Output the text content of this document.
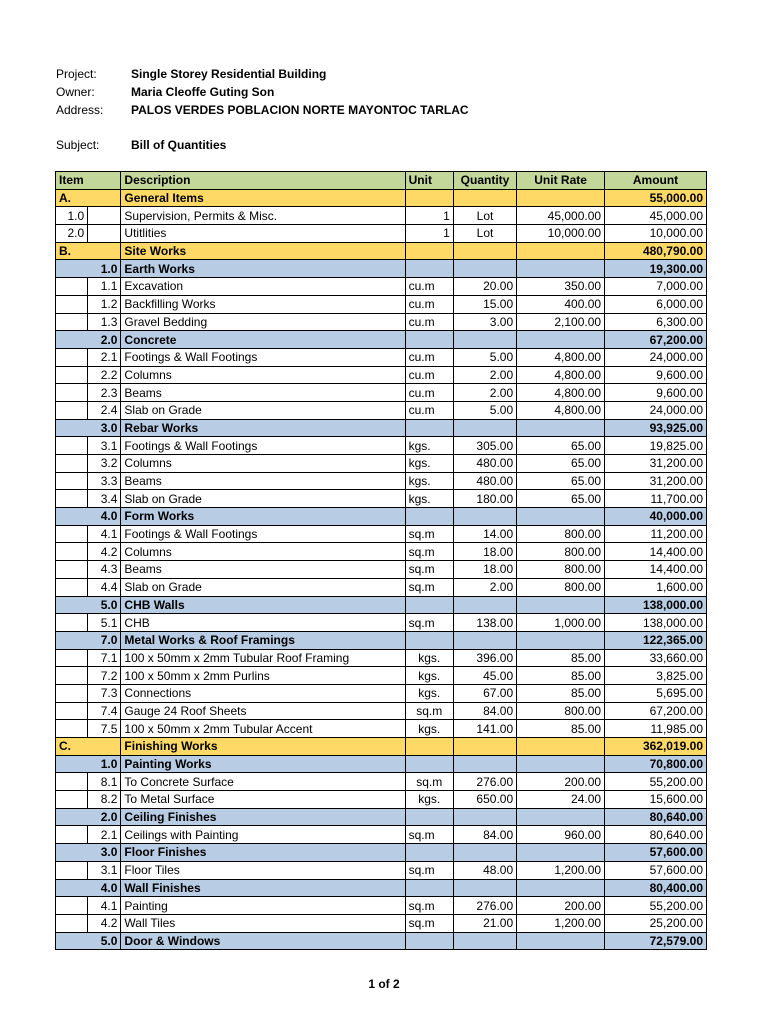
Project:	Single Storey Residential Building
Owner:	Maria Cleoffe Guting Son
Address: PALOS VERDES POBLACION NORTE MAYONTOC TARLAC
Subject:	Bill of Quantities
Item		Description	Unit	Quantity	Unit Rate	Amount
A.		General Items				55,000.00
1.0		Supervision, Permits & Misc.	1	Lot	45,000.00	45,000.00
2.0		Utitlities	1	Lot	10,000.00	10,000.00
B.		Site Works				480,790.00
1.0		Earth Works				19,300.00
	1.1	Excavation	cu.m	20.00	350.00	7,000.00
	1.2	Backfilling Works	cu.m	15.00	400.00	6,000.00
	1.3	Gravel Bedding	cu.m	3.00	2,100.00	6,300.00
2.0		Concrete				67,200.00
	2.1	Footings & Wall Footings	cu.m	5.00	4,800.00	24,000.00
	2.2	Columns	cu.m	2.00	4,800.00	9,600.00
	2.3	Beams	cu.m	2.00	4,800.00	9,600.00
	2.4	Slab on Grade	cu.m	5.00	4,800.00	24,000.00
3.0		Rebar Works				93,925.00
	3.1	Footings & Wall Footings	kgs.	305.00	65.00	19,825.00
	3.2	Columns	kgs.	480.00	65.00	31,200.00
	3.3	Beams	kgs.	480.00	65.00	31,200.00
	3.4	Slab on Grade	kgs.	180.00	65.00	11,700.00
4.0		Form Works				40,000.00
	4.1	Footings & Wall Footings	sq.m	14.00	800.00	11,200.00
	4.2	Columns	sq.m	18.00	800.00	14,400.00
	4.3	Beams	sq.m	18.00	800.00	14,400.00
	4.4	Slab on Grade	sq.m	2.00	800.00	1,600.00
5.0		CHB Walls				138,000.00
	5.1	CHB	sq.m	138.00	1,000.00	138,000.00
7.0		Metal Works & Roof Framings				122,365.00
	7.1	100 x 50mm x 2mm Tubular Roof Framing	kgs.	396.00	85.00	33,660.00
	7.2	100 x 50mm x 2mm Purlins	kgs.	45.00	85.00	3,825.00
	7.3	Connections	kgs.	67.00	85.00	5,695.00
	7.4	Gauge 24 Roof Sheets	sq.m	84.00	800.00	67,200.00
	7.5	100 x 50mm x 2mm Tubular Accent	kgs.	141.00	85.00	11,985.00
C.		Finishing Works				362,019.00
1.0		Painting Works				70,800.00
	8.1	To Concrete Surface	sq.m	276.00	200.00	55,200.00
	8.2	To Metal Surface	kgs.	650.00	24.00	15,600.00
2.0		Ceiling Finishes				80,640.00
	2.1	Ceilings with Painting	sq.m	84.00	960.00	80,640.00
3.0		Floor Finishes				57,600.00
	3.1	Floor Tiles	sq.m	48.00	1,200.00	57,600.00
4.0		Wall Finishes				80,400.00
	4.1	Painting	sq.m	276.00	200.00	55,200.00
	4.2	Wall Tiles	sq.m	21.00	1,200.00	25,200.00
5.0		Door & Windows				72,579.00
1 of 2
